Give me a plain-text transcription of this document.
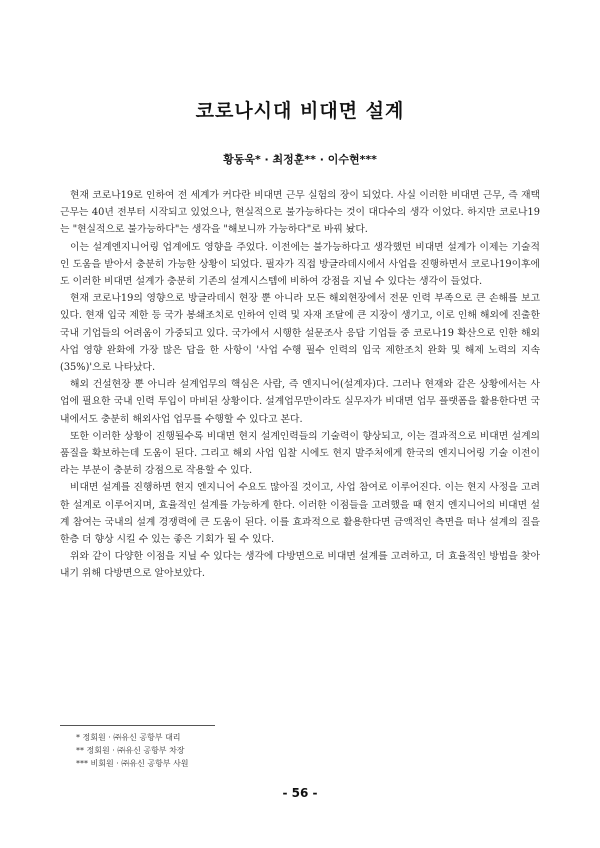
코로나시대 비대면 설계
황동욱* · 최정훈** · 이수현***

현재 코로나19로 인하여 전 세계가 커다란 비대면 근무 실험의 장이 되었다. 사실 이러한 비대면 근무, 즉 재택근무는 40년 전부터 시작되고 있었으나, 현실적으로 불가능하다는 것이 대다수의 생각 이었다. 하지만 코로나19는 "현실적으로 불가능하다"는 생각을 "해보니까 가능하다"로 바꿔 놨다.

이는 설계엔지니어링 업계에도 영향을 주었다. 이전에는 불가능하다고 생각했던 비대면 설계가 이제는 기술적인 도움을 받아서 충분히 가능한 상황이 되었다. 필자가 직접 방글라데시에서 사업을 진행하면서 코로나19이후에도 이러한 비대면 설계가 충분히 기존의 설계시스템에 비하여 강점을 지닐 수 있다는 생각이 들었다.

현재 코로나19의 영향으로 방글라데시 현장 뿐 아니라 모든 해외현장에서 전문 인력 부족으로 큰 손해를 보고 있다. 현재 입국 제한 등 국가 봉쇄조치로 인하여 인력 및 자재 조달에 큰 지장이 생기고, 이로 인해 해외에 진출한 국내 기업들의 어려움이 가중되고 있다. 국가에서 시행한 설문조사 응답 기업들 중 코로나19 확산으로 인한 해외사업 영향 완화에 가장 많은 답을 한 사항이 '사업 수행 필수 인력의 입국 제한조치 완화 및 해제 노력의 지속(35%)'으로 나타났다.

해외 건설현장 뿐 아니라 설계업무의 핵심은 사람, 즉 엔지니어(설계자)다. 그러나 현재와 같은 상황에서는 사업에 필요한 국내 인력 투입이 마비된 상황이다. 설계업무만이라도 실무자가 비대면 업무 플랫폼을 활용한다면 국내에서도 충분히 해외사업 업무를 수행할 수 있다고 본다.

또한 이러한 상황이 진행될수록 비대면 현지 설계인력들의 기술력이 향상되고, 이는 결과적으로 비대면 설계의 품질을 확보하는데 도움이 된다. 그리고 해외 사업 입찰 시에도 현지 발주처에게 한국의 엔지니어링 기술 이전이라는 부분이 충분히 강점으로 작용할 수 있다.

비대면 설계를 진행하면 현지 엔지니어 수요도 많아질 것이고, 사업 참여로 이루어진다. 이는 현지 사정을 고려한 설계로 이루어지며, 효율적인 설계를 가능하게 한다. 이러한 이점들을 고려했을 때 현지 엔지니어의 비대면 설계 참여는 국내의 설계 경쟁력에 큰 도움이 된다. 이를 효과적으로 활용한다면 금액적인 측면을 떠나 설계의 질을 한층 더 향상 시킬 수 있는 좋은 기회가 될 수 있다.

위와 같이 다양한 이점을 지닐 수 있다는 생각에 다방면으로 비대면 설계를 고려하고, 더 효율적인 방법을 찾아내기 위해 다방면으로 알아보았다.

* 정회원 · ㈜유신 공항부 대리
** 정회원 · ㈜유신 공항부 차장
*** 비회원 · ㈜유신 공항부 사원
- 56 -
